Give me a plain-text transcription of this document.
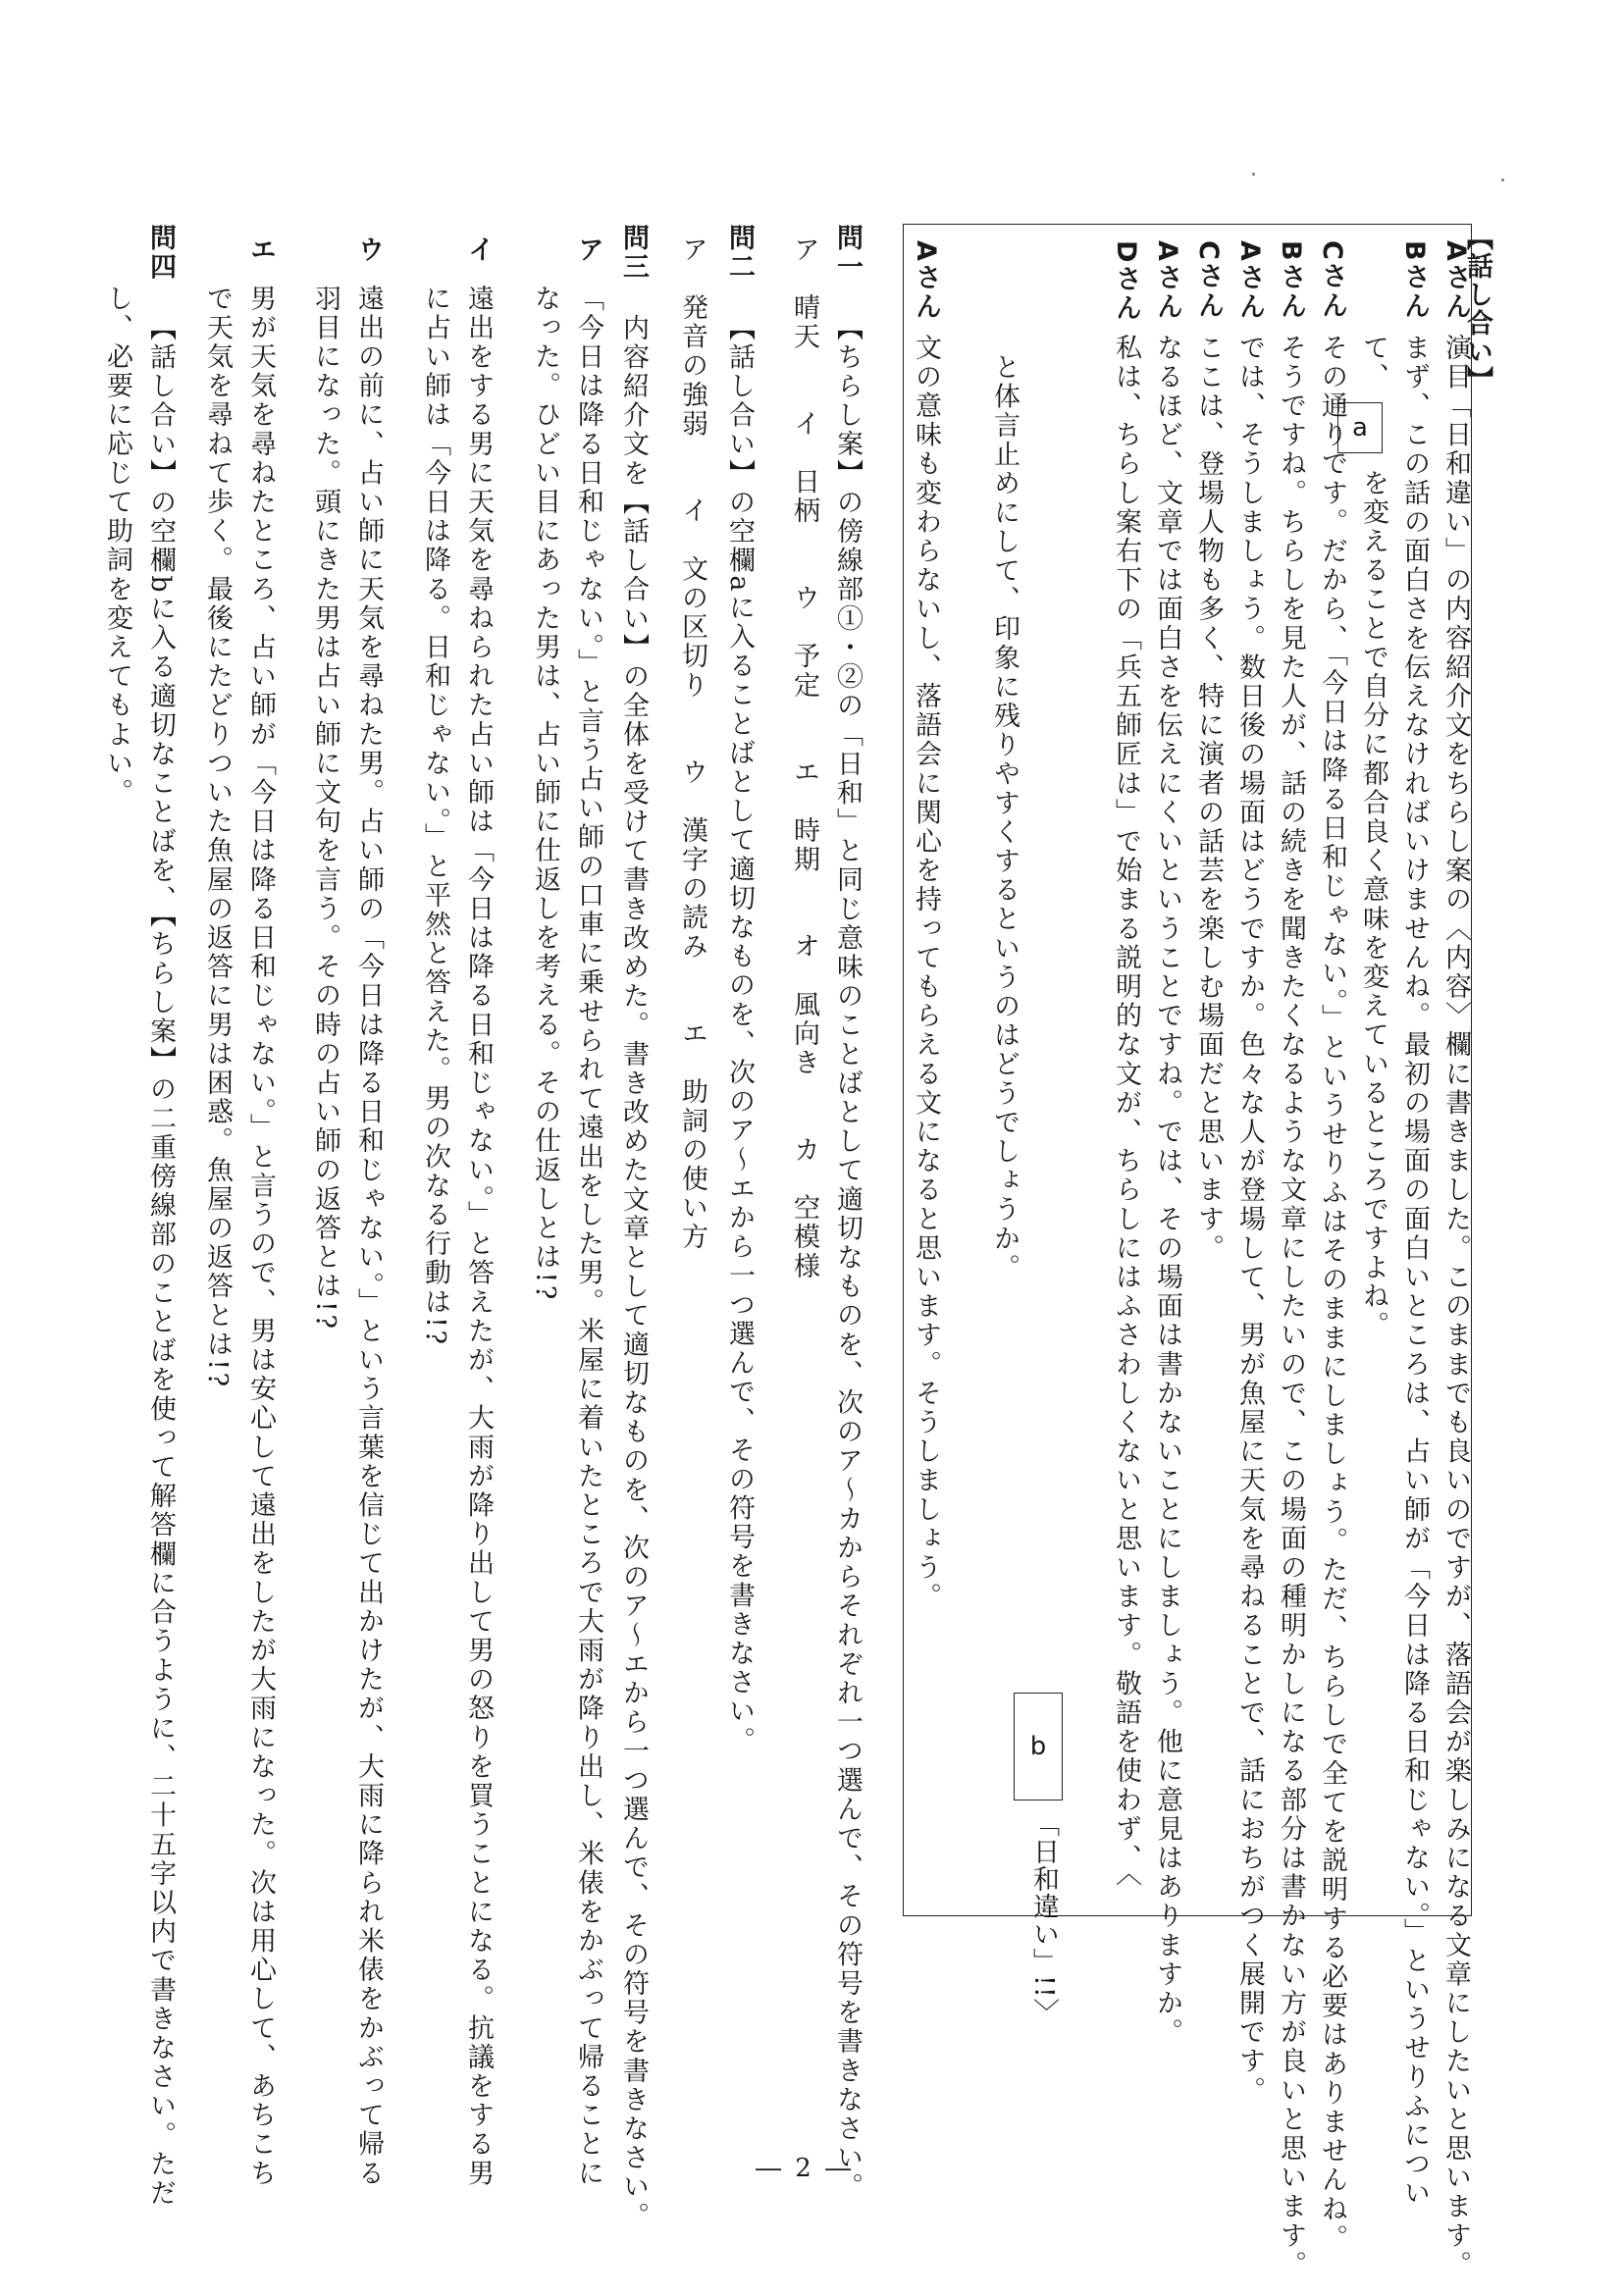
【話し合い】
Aさん
演目「日和違い」の内容紹介文をちらし案の〈内容〉欄に書きました。このままでも良いのですが、落語会が楽しみになる文章にしたいと思います。
Bさん
まず、この話の面白さを伝えなければいけませんね。最初の場面の面白いところは、占い師が「今日は降る日和じゃない。」というせりふについ
て、
a
を変えることで自分に都合良く意味を変えているところですよね。
Cさん
その通りです。だから、「今日は降る日和じゃない。」というせりふはそのままにしましょう。ただ、ちらしで全てを説明する必要はありませんね。
Bさん
そうですね。ちらしを見た人が、話の続きを聞きたくなるような文章にしたいので、この場面の種明かしになる部分は書かない方が良いと思います。
Aさん
では、そうしましょう。数日後の場面はどうですか。色々な人が登場して、男が魚屋に天気を尋ねることで、話におちがつく展開です。
Cさん
ここは、登場人物も多く、特に演者の話芸を楽しむ場面だと思います。
Aさん
なるほど、文章では面白さを伝えにくいということですね。では、その場面は書かないことにしましょう。他に意見はありますか。
Dさん
私は、ちらし案右下の「兵五師匠は」で始まる説明的な文が、ちらしにはふさわしくないと思います。敬語を使わず、〈
b
「日和違い」!!〉
と体言止めにして、印象に残りやすくするというのはどうでしょうか。
Aさん
文の意味も変わらないし、落語会に関心を持ってもらえる文になると思います。そうしましょう。
問一
【ちらし案】の傍線部①・②の「日和」と同じ意味のことばとして適切なものを、次のア～カからそれぞれ一つ選んで、その符号を書きなさい。
ア　晴天　　イ　日柄　　ウ　予定　　エ　時期　　オ　風向き　　カ　空模様
問二
【話し合い】の空欄aに入ることばとして適切なものを、次のア～エから一つ選んで、その符号を書きなさい。
ア　発音の強弱　　イ　文の区切り　　ウ　漢字の読み　　エ　助詞の使い方
問三
内容紹介文を【話し合い】の全体を受けて書き改めた。書き改めた文章として適切なものを、次のア～エから一つ選んで、その符号を書きなさい。
ア
「今日は降る日和じゃない。」と言う占い師の口車に乗せられて遠出をした男。米屋に着いたところで大雨が降り出し、米俵をかぶって帰ることに
なった。ひどい目にあった男は、占い師に仕返しを考える。その仕返しとは!?
イ
遠出をする男に天気を尋ねられた占い師は「今日は降る日和じゃない。」と答えたが、大雨が降り出して男の怒りを買うことになる。抗議をする男
に占い師は「今日は降る。日和じゃない。」と平然と答えた。男の次なる行動は!?
ウ
遠出の前に、占い師に天気を尋ねた男。占い師の「今日は降る日和じゃない。」という言葉を信じて出かけたが、大雨に降られ米俵をかぶって帰る
羽目になった。頭にきた男は占い師に文句を言う。その時の占い師の返答とは!?
エ
男が天気を尋ねたところ、占い師が「今日は降る日和じゃない。」と言うので、男は安心して遠出をしたが大雨になった。次は用心して、あちこち
で天気を尋ねて歩く。最後にたどりついた魚屋の返答に男は困惑。魚屋の返答とは!?
問四
【話し合い】の空欄bに入る適切なことばを、【ちらし案】の二重傍線部のことばを使って解答欄に合うように、二十五字以内で書きなさい。ただ
し、必要に応じて助詞を変えてもよい。
― 2 ―
